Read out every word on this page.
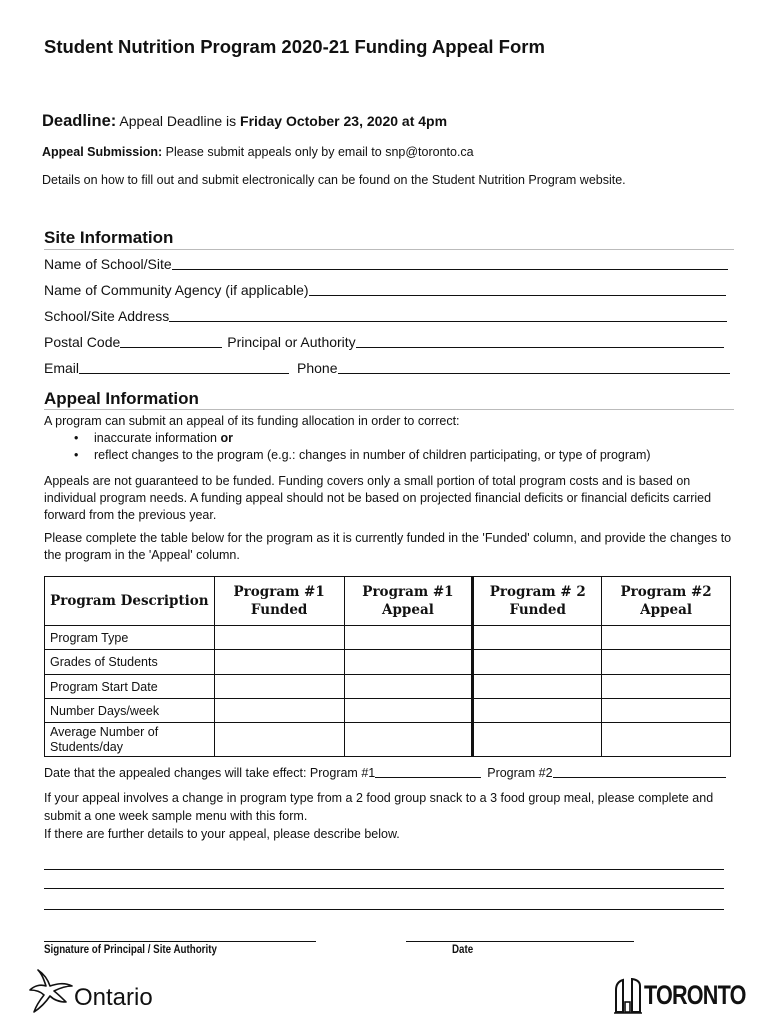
Student Nutrition Program 2020-21 Funding Appeal Form
Deadline: Appeal Deadline is Friday October 23, 2020 at 4pm
Appeal Submission: Please submit appeals only by email to snp@toronto.ca
Details on how to fill out and submit electronically can be found on the Student Nutrition Program website.
Site Information
Name of School/Site
Name of Community Agency (if applicable)
School/Site Address
Postal Code	Principal or Authority
Email	Phone
Appeal Information
A program can submit an appeal of its funding allocation in order to correct:
• inaccurate information or
• reflect changes to the program (e.g.: changes in number of children participating, or type of program)
Appeals are not guaranteed to be funded. Funding covers only a small portion of total program costs and is based on individual program needs. A funding appeal should not be based on projected financial deficits or financial deficits carried forward from the previous year.
Please complete the table below for the program as it is currently funded in the 'Funded' column, and provide the changes to the program in the 'Appeal' column.
Program Description	Program #1 Funded	Program #1 Appeal	Program # 2 Funded	Program #2 Appeal
Program Type				
Grades of Students				
Program Start Date				
Number Days/week				
Average Number of Students/day				
Date that the appealed changes will take effect: Program #1	Program #2
If your appeal involves a change in program type from a 2 food group snack to a 3 food group meal, please complete and submit a one week sample menu with this form.
If there are further details to your appeal, please describe below.
Signature of Principal / Site Authority	Date
Ontario	TORONTO
